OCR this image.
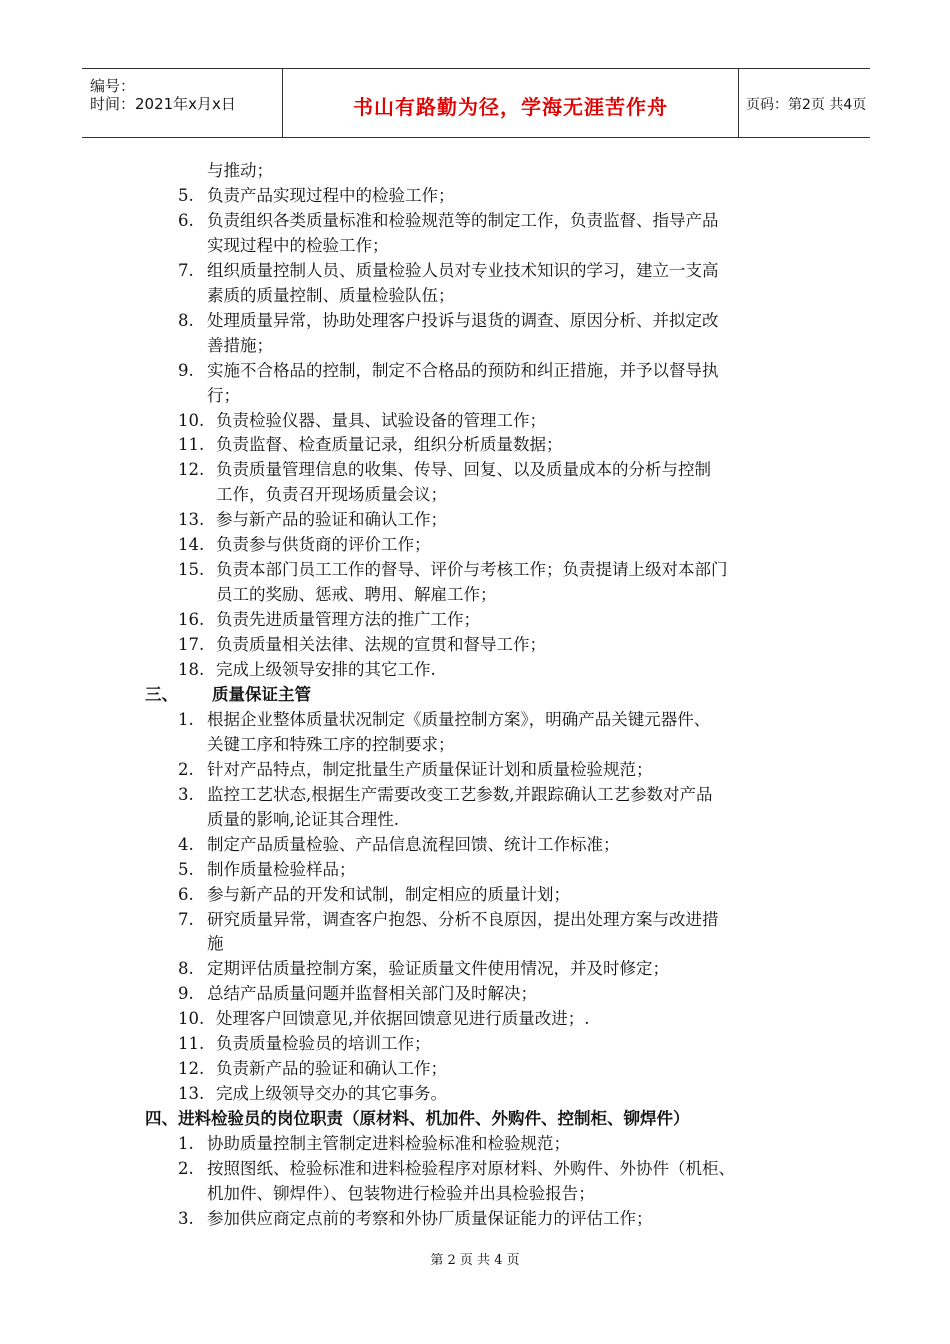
编号：
时间：2021年x月x日	书山有路勤为径，学海无涯苦作舟	页码：第2页 共4页
与推动；
5. 负责产品实现过程中的检验工作；
6. 负责组织各类质量标准和检验规范等的制定工作，负责监督、指导产品
实现过程中的检验工作；
7. 组织质量控制人员、质量检验人员对专业技术知识的学习，建立一支高
素质的质量控制、质量检验队伍；
8. 处理质量异常，协助处理客户投诉与退货的调查、原因分析、并拟定改
善措施；
9. 实施不合格品的控制，制定不合格品的预防和纠正措施，并予以督导执
行；
10. 负责检验仪器、量具、试验设备的管理工作；
11. 负责监督、检查质量记录，组织分析质量数据；
12. 负责质量管理信息的收集、传导、回复、以及质量成本的分析与控制
工作，负责召开现场质量会议；
13. 参与新产品的验证和确认工作；
14. 负责参与供货商的评价工作；
15. 负责本部门员工工作的督导、评价与考核工作；负责提请上级对本部门
员工的奖励、惩戒、聘用、解雇工作；
16. 负责先进质量管理方法的推广工作；
17. 负责质量相关法律、法规的宣贯和督导工作；
18. 完成上级领导安排的其它工作.
三、 质量保证主管
1. 根据企业整体质量状况制定《质量控制方案》，明确产品关键元器件、
关键工序和特殊工序的控制要求；
2. 针对产品特点，制定批量生产质量保证计划和质量检验规范；
3. 监控工艺状态,根据生产需要改变工艺参数,并跟踪确认工艺参数对产品
质量的影响,论证其合理性.
4. 制定产品质量检验、产品信息流程回馈、统计工作标准；
5. 制作质量检验样品；
6. 参与新产品的开发和试制，制定相应的质量计划；
7. 研究质量异常，调查客户抱怨、分析不良原因，提出处理方案与改进措
施
8. 定期评估质量控制方案，验证质量文件使用情况，并及时修定；
9. 总结产品质量问题并监督相关部门及时解决；
10. 处理客户回馈意见,并依据回馈意见进行质量改进；.
11. 负责质量检验员的培训工作；
12. 负责新产品的验证和确认工作；
13. 完成上级领导交办的其它事务。
四、进料检验员的岗位职责（原材料、机加件、外购件、控制柜、铆焊件）
1. 协助质量控制主管制定进料检验标准和检验规范；
2. 按照图纸、检验标准和进料检验程序对原材料、外购件、外协件（机柜、
机加件、铆焊件）、包装物进行检验并出具检验报告；
3. 参加供应商定点前的考察和外协厂质量保证能力的评估工作；
第 2 页 共 4 页
